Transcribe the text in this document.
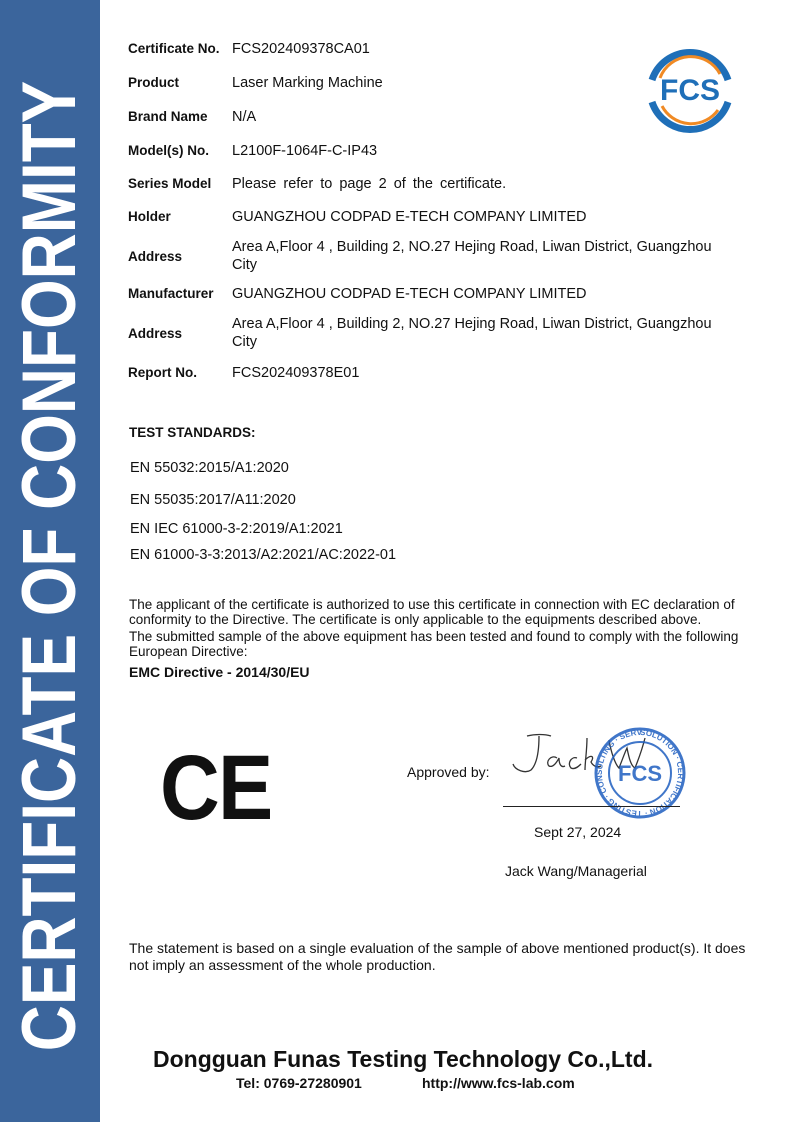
CERTIFICATE OF CONFORMITY	FCS
Certificate No. FCS202409378CA01
Product	Laser Marking Machine
Brand Name N/A
Model(s) No. L2100F-1064F-C-IP43
Series Model Please refer to page 2 of the certificate.
Holder	GUANGZHOU CODPAD E-TECH COMPANY LIMITED
Address
Area A,Floor 4 , Building 2, NO.27 Hejing Road, Liwan District, Guangzhou
City
Manufacturer GUANGZHOU CODPAD E-TECH COMPANY LIMITED
Address
Area A,Floor 4 , Building 2, NO.27 Hejing Road, Liwan District, Guangzhou
City
Report No. FCS202409378E01
TEST STANDARDS:
EN 55032:2015/A1:2020
EN 55035:2017/A11:2020
EN IEC 61000-3-2:2019/A1:2021
EN 61000-3-3:2013/A2:2021/AC:2022-01

The applicant of the certificate is authorized to use this certificate in connection with EC declaration of conformity to the Directive. The certificate is only applicable to the equipments described above.

The submitted sample of the above equipment has been tested and found to comply with the following European Directive:

EMC Directive - 2014/30/EU

CE	Approved by:	FCS
SOLUTION · CERTIFICATION · TESTING · CONSULTING · SERV
Sept 27, 2024
Jack Wang/Managerial
The statement is based on a single evaluation of the sample of above mentioned product(s). It does not imply an assessment of the whole production.
Dongguan Funas Testing Technology Co.,Ltd.
Tel: 0769-27280901	http://www.fcs-lab.com
